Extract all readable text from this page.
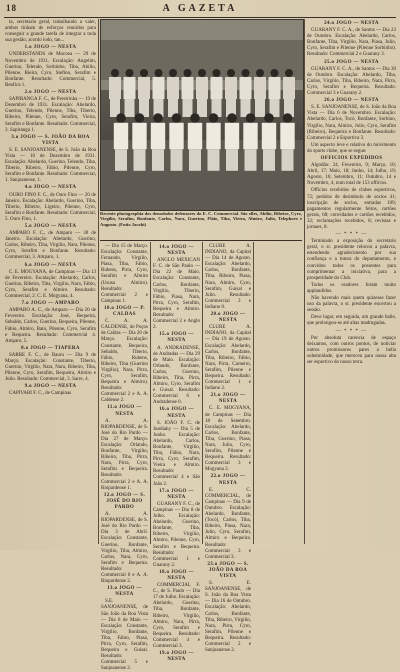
18	A GAZETA

ta, secretario geral, trabalhando a valer, ambos tinham de esforços reunidos para conseguir a grande tarefa de integrar a toda sua gestão, acordo lodo, tan...

1.o JOGO — NESTA

UNDERSTANDS de Mocoea — 29 de Novembro de 1931. Escalação: Angelim, Guerino, Telendo, Sorbinho, Tiba, Abilio, Pilenne, Bieira, Cyro, Stefino, Serafim e Bonfante. Resultado: Commercial, 5. Benfica 1.

2.o JOGO — NESTA

SAPIRANGA F. C., de Pereirinha — 19 de Dezembro de 1931. Escalação: Abelardo, Guerino, Telendo, Pilenne, Tiba, Tiberio, Ribeiro, Pilenne, Cyro, Serafim, Vieira, Serafim e Bonfante. Resultado: Commercial, 3. Sapiranga 1.

3.o JOGO — S. JOÃO DA BOA VISTA

S. E. SANJOANENSE, de S. João da Boa Vista — 10 de Dezembro de 1931. Escalação: Abelardo, Guerino, Telendo, Tiba, Tiberio, Ribeiro, Fábio, Pilenne, Cyro, Serafim e Bonfante. Resultado: Commercial, 1. Sanjoanense, 1.

4.o JOGO — NESTA

OURO FINO F. C., de Ouro Fino — 20 de Janeiro. Escalação: Abelardo, Guerino, Tiba, Tiberio, Ribeiro, Ligeiro, Pilenne, Cyro, Serafim e Bonfante. Resultado: Commercial, 5. Ouro Fino, 1.

5.o JOGO — NESTA

AMPARO F. C., de Amparo — 30 de Janeiro. Escalação: Abelardo, Guerino, Carlos, Ribeiro, Tiba, Virgilio, Nara, Pilenne, Cyro, Serafim e Bonfante. Resultado: Commercial, 3. Amparo, 1.

6.o JOGO — NESTA

C. E. MOGYANA, de Campinas — Dia 13 de Fevereiro. Escalação: Abelardo, Carlos, Guerino, Ribeiro, Tiba, Virgilio, Nara, Fábio, Cyro, Serafim e Almiro. Resultado: Commercial, 2. C. E. Mogyana, 4.

7.o JOGO — AMPARO

AMPARO A. C., de Amparo — Dia 20 de Fevereiro. Escalação: José, Bequeira, Sebaldo, Carlos, Guerino, Bequeira, Pilenne, Fábio, Almiro, Bato, Pilenne, Cyro, Serafim e Bequeira. Resultado: Commercial 4. Amparo, 5.

8.o JOGO — TIAPERA

SARRE F. C., de Bauru — Dia 9 de Março. Escalação: Constante, Tiberio, Guerino, Virgilio, Nara, Nara, Ribeiro, Tiba, Pilenne, Cyro, Serafim, Bequeira, Almiro e Julio. Resultado: Commercial, 3. Sarre, 4.

9.o JOGO — NESTA

CAPIVARI F. C., de Campinas

Recente photographia dos denodados defensores do E. C. Commercial. São elles, Abilio, Ribeiro, Cyro, Virgilio, Serafim, Bonfante, Carlos, Nara, Guerino, Fláio, Tiba, Vieira, Almiro, Julio, Telephoro e Augusto. (Futio Jacobi)

— Dia 15 de Março. Escalação: Constante, Fernando, Virgilio, Piasa, Tiba, Fábio, Rubens, Pirra, Cyro, Serafim e Almiro (Ususa Almiro). Resultado: Commercial 2 e Campinas 1.

10.o JOGO — P. CALDAS

C. A. A. CALDENSE, de Poços de Caldas — Dia 20 de Março. Escalação: Constante, Bequeira, Sebaldo, Tiberio, Fábio, Rubens, Ribeiro, Tiba (Guerino Virgilio), Nara, Pirra, Cyro, Serafim, Bequeira e Almiro). Resultado: Commercial 2 e A. A. Caldense 2.

11.o JOGO — NESTA

A. A. RIOPARDENSE, de S. José do Rio Pardo — Dia 27 de Março. Escalação: Orlando, Bonfante, Virgilio, Ribeiro, Tiba, Pirra, Nara, Pirra, Cyro, Serafim e Bequeira. Resultado: Commercial 2 e A. A. Riopardense 1.

12.o JOGO — S. JOSÉ DO RIO PARDO

A. A. RIOPARDENSE, de S. José do Rio Pardo — Dia 3 de Abril. Escalação: Constante, Guerino, Bonfante, Virgilio, Tiba, Almiro, Carlos, Nara, Cyro, Serafim e Bequeira. Resultado: Commercial 0 e A. A. Riopardense 2.

13.o JOGO — NESTA

S.E. SANJOANENSE, de São João da Boa Vista — Dia 8 de Maio — Escalação: Constante, Virgilio, Bonfante, Tiba, Fábio, Piasa, Pirra, Cyro, Serafim, Bequeira e Guisal. Resultado: Commercial 5 e Sanjoanense 2.

14.o JOGO — NESTA

ANGLO MEXICAN F. C. de São Paulo — Dia 22 de Maio. Escalação: Constante, Carlos, Bonfante, Virgilio, Tiberio, Fábio, Piasa, Nara, Pirra, Cyro, Serafim, Bequeira e Almiro. Resultado: Commercial 2 e Anglo 2.

15.o JOGO — NESTA

A. ANDRADENSE, de Andradas — Dia 29 de Maio. Escalação: Orlando, Bonfante, Carlos, Guerino, Ribeiro, Tiba, Pirra, Almiro, Cyro, Serafim e Guisal. Resultado: Commercial 6 e Andradense 0.

16.o JOGO — NESTA

S. JOÃO F. C. de Jundiahy — Dia 5 de Junho. Escalação: Abelardo, Carlos, Bonfante, Virgilio, Tiba, Fábio, Nara, Pirra, Cyro, Serafim, Vieira e Almiro. Resultado: Commercial 4 e São João 2.

17.o JOGO — NESTA

GUARANY F. C., de Campinas — Dia 8 de Julho. Escalação: Abelardo, Guerino, Bonfante, Tiba, Ribeiro, Virgilio, Almiro, Pilenne, Cyro, Serafim e Bequeira. Resultado: Commercial 1 e Guarany 2.

18.o JOGO — NESTA

COMMERCIAL F. C., de S. Paulo — Dia 17 de Julho. Escalação: Abelardo, Guerino, Tiba, Bonfante, Ribeiro, Virgilio, Almiro, Nara, Pirra, Cyro, Serafim e Bequeira. Resultado: Commercial 4 e Commercial 3.

19.o JOGO — NESTA

CLUBE A. INDIANO, da Capital — Dia 14 de Agosto. Escalação: Abelardo, Carlos, Bonfante, Tiba, Ribeiro, Piasa, Nara, Almiro, Cyro, Serafim, Guisal e Julio. Resultado: Commercial 3 e Indiano 0.

20.o JOGO — NESTA

CLUBE A. INDIANO, da Capital — Dia 19 de Agosto. Escalação: Abelardo, Carlos, Bonfante, Tiba, Ribeiro, Fábio, Nara, Pirra, Carneiro, Serafim, Pilenne e Bequeira. Resultado: Commercial 1 e Indiano 2.

21.o JOGO — NESTA

C. E. MOGYANA, de Campinas — Dia 18 de Setembro. Escalação: Abelardo, Carlos, Bonfante, Tiba, Guerino, Piasa, Nara, Julio, Cyro, Serafim, Pilenne e Bequeira. Resultado: Commercial 3 e Mogyana 2.

22.o JOGO — NESTA

E. C. COMMERCIAL, de Campinas — Dia 9 de Outubro. Escalação: Abelardo, Bonfante, (Tocó), Carlos, Tiba, Ribeiro, Piasa, Nara, Julio, Cyro, Serafim, Almiro e Bequeira. Resultado: Commercial 3 e Commercial 3.

23.o JOGO — S. JOÃO DA BOA VISTA

S. E. SANJOANENSE, de S. João da Boa Vista — Dia 16 de Outubro. Escalação: Abelardo, Carlos, Bonfante, Tiba, Ribeiro, Virgilio, Nara, Pirra, Cyro, Serafim, Pilenne e Bequeira. Resultado: Commercial 2 e Sanjoanense 2.

24.o JOGO — NESTA

GUARANY F. C. A., de Santos — Dia 23 de Outubro. Escalação: Abelardo, Carlos, Bonfante, Tiba, Virgilio, Nara, Piasa, Julio, Cyro, Serafim e Pilenne (Pilenne Sorbinho). Resultado: Commercial 2 e Guarany 3.

25.o JOGO — NESTA

GUARANY F. C. A., de Santos — Dia 30 de Outubro. Escalação: Abelardo, Tiba, Carlos, Virgilio, Tiba, Ribeiro, Nara, Pirra, Cyro, Serafim e Bequeira. Resultado: Commercial 3 e Guarany 2.

26.o JOGO — NESTA

S. E. SANJOANENSE, de S. João da Boa Vista — Dia 6 de Novembro. Escalação: Abelardo, Carlos, Tocó, Bonfante, Sorbino, Virgilio, Nara, Almiro, Julio, Cyro, Serafim (Ribeiro), Bequeira e Bonfante. Resultado: Commercial 2 e Esportiva 3.

Um aspecto leve e relativo do movimento do sports clube, que se segue:

OFFICIOS EXPEDIDOS

Algodão: 24, Fevereiro, 9; Março, 10; Abril, 17; Maio, 18; Junho, 14; Julho, 19; Agosto, 16; Setembro, 11; Outubro, 14 e Novembro, 4, num total de 153 officios.

Officios recebidos de clubes esportivos, 72; pedidos de desimbolo de socios 41; inscripção de socios, entradas 109; pagamentos regularmente feitos, cartões gerais, 68; convidados e cartões recebidos, 32; reclamações recebidos, 8; revistas e jornaes, 8.

— * * * —

Terminado a exposição do secretario geral, o sr. presidente relocou a palavra, estendendo agradecimento por sua confiança e a tutora do departamento, e convidou todos os presentes para cumprimentar a iniciativa, para a prosperidade do Club.

Todos os oradores foram muito applaudidos.

Não havendo mais quem quizesse fazer uso da palavra, o sr. presidente encerrou a sessão.

Deve lugar, em seguida, um grande baile, que prolongou-se até altas madrugadas.

— * * * —

Por absoluta carencia de espaço deixamos, com outros pontos, de noticiar outros promissores pares a bella solemnidade, que mereceu para nossa alta ser esportivo do nosso terra.
